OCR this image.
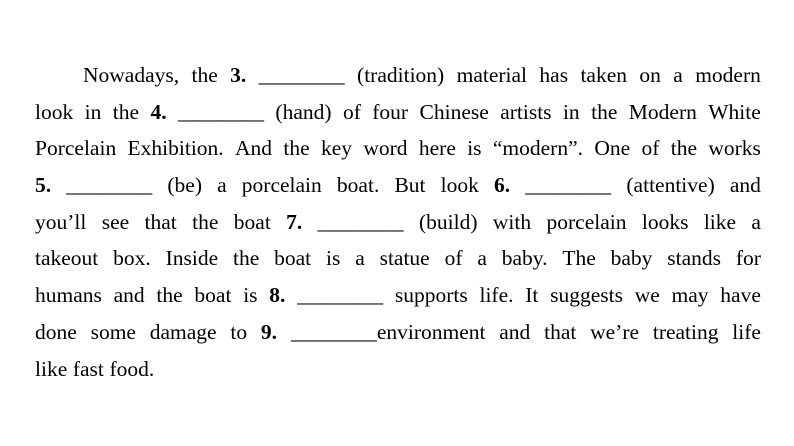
Nowadays, the 3. ________ (tradition) material has taken on a modern
look in the 4. ________ (hand) of four Chinese artists in the Modern White
Porcelain Exhibition. And the key word here is “modern”. One of the works
5. ________ (be) a porcelain boat. But look 6. ________ (attentive) and
you’ll see that the boat 7. ________ (build) with porcelain looks like a
takeout box. Inside the boat is a statue of a baby. The baby stands for
humans and the boat is 8. ________ supports life. It suggests we may have
done some damage to 9. ________environment and that we’re treating life
like fast food.
